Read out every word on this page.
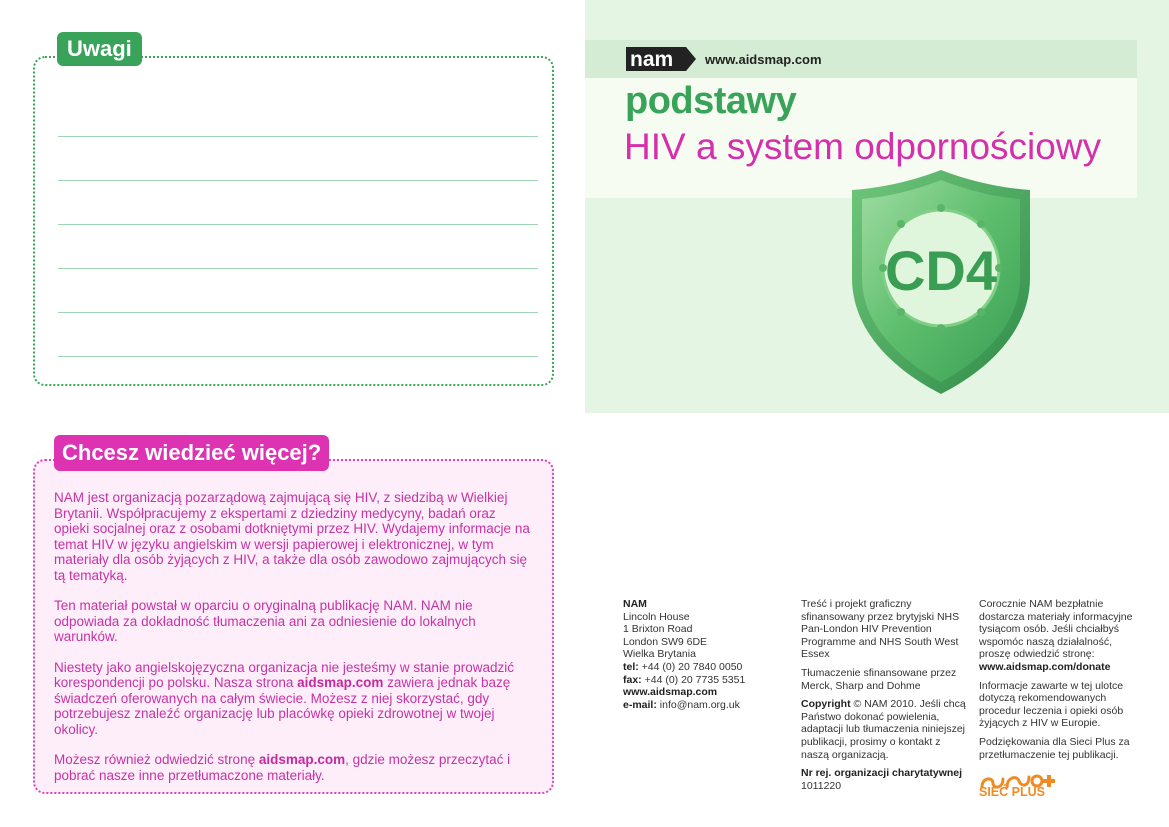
Uwagi
Chcesz wiedzieć więcej?

NAM jest organizacją pozarządową zajmującą się HIV, z siedzibą w Wielkiej Brytanii. Współpracujemy z ekspertami z dziedziny medycyny, badań oraz opieki socjalnej oraz z osobami dotkniętymi przez HIV. Wydajemy informacje na temat HIV w języku angielskim w wersji papierowej i elektronicznej, w tym materiały dla osób żyjących z HIV, a także dla osób zawodowo zajmujących się tą tematyką.

Ten materiał powstał w oparciu o oryginalną publikację NAM. NAM nie odpowiada za dokładność tłumaczenia ani za odniesienie do lokalnych warunków.

Niestety jako angielskojęzyczna organizacja nie jesteśmy w stanie prowadzić korespondencji po polsku. Nasza strona aidsmap.com zawiera jednak bazę świadczeń oferowanych na całym świecie. Możesz z niej skorzystać, gdy potrzebujesz znaleźć organizację lub placówkę opieki zdrowotnej w twojej okolicy.

Możesz również odwiedzić stronę aidsmap.com, gdzie możesz przeczytać i pobrać nasze inne przetłumaczone materiały.

nam www.aidsmap.com
podstawy
HIV a system odpornościowy
CD4
NAM
Lincoln House
1 Brixton Road
London SW9 6DE
Wielka Brytania
tel: +44 (0) 20 7840 0050
fax: +44 (0) 20 7735 5351
www.aidsmap.com
e-mail: info@nam.org.uk

Treść i projekt graficzny sfinansowany przez brytyjski NHS Pan-London HIV Prevention Programme and NHS South West Essex

Tłumaczenie sfinansowane przez Merck, Sharp and Dohme

Copyright © NAM 2010. Jeśli chcą Państwo dokonać powielenia, adaptacji lub tłumaczenia niniejszej publikacji, prosimy o kontakt z naszą organizacją.

Nr rej. organizacji charytatywnej
1011220
Corocznie NAM bezpłatnie dostarcza materiały informacyjne tysiącom osób. Jeśli chciałbyś wspomóc naszą działalność, proszę odwiedzić stronę:

www.aidsmap.com/donate

Informacje zawarte w tej ulotce dotyczą rekomendowanych procedur leczenia i opieki osób żyjących z HIV w Europie.

Podziękowania dla Sieci Plus za przetłumaczenie tej publikacji.

SIEĆ PLUS
